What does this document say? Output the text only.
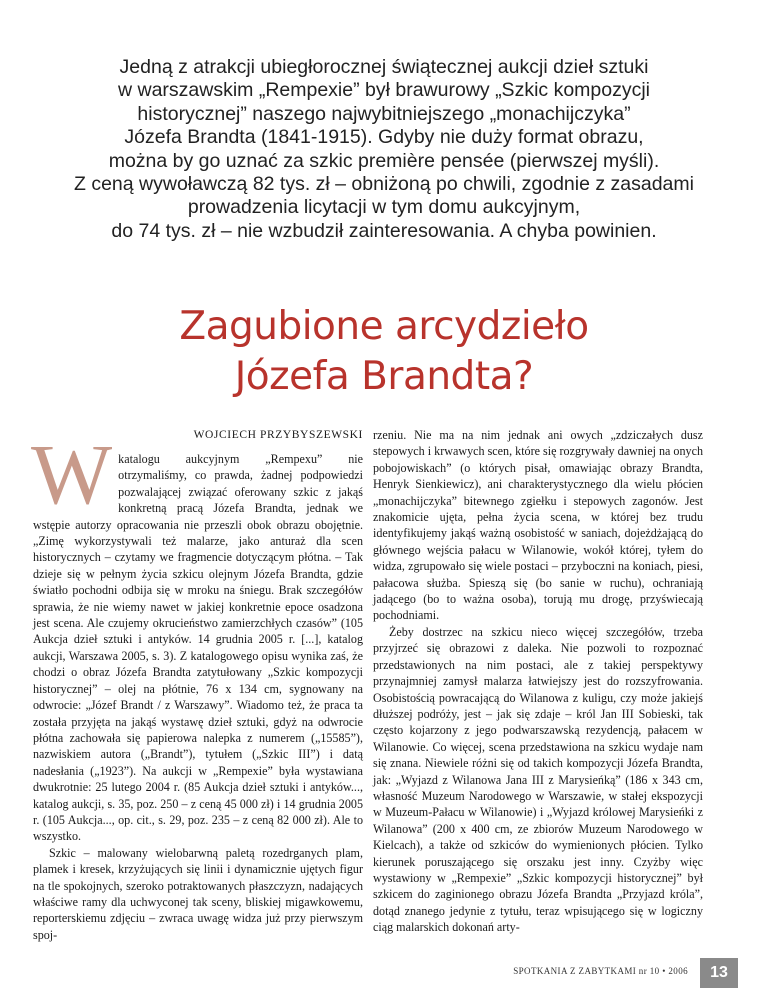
Jedną z atrakcji ubiegłorocznej świątecznej aukcji dzieł sztuki

w warszawskim „Rempexie” był brawurowy „Szkic kompozycji

historycznej” naszego najwybitniejszego „monachijczyka”

Józefa Brandta (1841-1915). Gdyby nie duży format obrazu,

można by go uznać za szkic première pensée (pierwszej myśli).

Z ceną wywoławczą 82 tys. zł – obniżoną po chwili, zgodnie z zasadami

prowadzenia licytacji w tym domu aukcyjnym,

do 74 tys. zł – nie wzbudził zainteresowania. A chyba powinien.

Zagubione arcydzieło
Józefa Brandta?
WOJCIECH PRZYBYSZEWSKI
W katalogu aukcyjnym „Rempexu” nie otrzymaliśmy, co prawda, żadnej podpowiedzi pozwalającej związać oferowany szkic z jakąś konkretną pracą Józefa Brandta, jednak we wstępie autorzy opracowania nie przeszli obok obrazu obojętnie. „Zimę wykorzystywali też malarze, jako anturaż dla scen historycznych – czytamy we fragmencie dotyczącym płótna. – Tak dzieje się w pełnym życia szkicu olejnym Józefa Brandta, gdzie światło pochodni odbija się w mroku na śniegu. Brak szczegółów sprawia, że nie wiemy nawet w jakiej konkretnie epoce osadzona jest scena. Ale czujemy okrucieństwo zamierzchłych czasów” (105 Aukcja dzieł sztuki i antyków. 14 grudnia 2005 r. [...], katalog aukcji, Warszawa 2005, s. 3). Z katalogowego opisu wynika zaś, że chodzi o obraz Józefa Brandta zatytułowany „Szkic kompozycji historycznej” – olej na płótnie, 76 x 134 cm, sygnowany na odwrocie: „Józef Brandt / z Warszawy”. Wiadomo też, że praca ta została przyjęta na jakąś wystawę dzieł sztuki, gdyż na odwrocie płótna zachowała się papierowa nalepka z numerem („15585”), nazwiskiem autora („Brandt”), tytułem („Szkic III”) i datą nadesłania („1923”). Na aukcji w „Rempexie” była wystawiana dwukrotnie: 25 lutego 2004 r. (85 Aukcja dzieł sztuki i antyków..., katalog aukcji, s. 35, poz. 250 – z ceną 45 000 zł) i 14 grudnia 2005 r. (105 Aukcja..., op. cit., s. 29, poz. 235 – z ceną 82 000 zł). Ale to wszystko.

Szkic – malowany wielobarwną paletą rozedrganych plam, plamek i kresek, krzyżujących się linii i dynamicznie ujętych figur na tle spokojnych, szeroko potraktowanych płaszczyzn, nadających właściwe ramy dla uchwyconej tak sceny, bliskiej migawkowemu, reporterskiemu zdjęciu – zwraca uwagę widza już przy pierwszym spoj-

rzeniu. Nie ma na nim jednak ani owych „zdziczałych dusz stepowych i krwawych scen, które się rozgrywały dawniej na onych pobojowiskach” (o których pisał, omawiając obrazy Brandta, Henryk Sienkiewicz), ani charakterystycznego dla wielu płócien „monachijczyka” bitewnego zgiełku i stepowych zagonów. Jest znakomicie ujęta, pełna życia scena, w której bez trudu identyfikujemy jakąś ważną osobistość w saniach, dojeżdżającą do głównego wejścia pałacu w Wilanowie, wokół której, tyłem do widza, zgrupowało się wiele postaci – przyboczni na koniach, piesi, pałacowa służba. Spieszą się (bo sanie w ruchu), ochraniają jadącego (bo to ważna osoba), torują mu drogę, przyświecają pochodniami.

Żeby dostrzec na szkicu nieco więcej szczegółów, trzeba przyjrzeć się obrazowi z daleka. Nie pozwoli to rozpoznać przedstawionych na nim postaci, ale z takiej perspektywy przynajmniej zamysł malarza łatwiejszy jest do rozszyfrowania. Osobistością powracającą do Wilanowa z kuligu, czy może jakiejś dłuższej podróży, jest – jak się zdaje – król Jan III Sobieski, tak często kojarzony z jego podwarszawską rezydencją, pałacem w Wilanowie. Co więcej, scena przedstawiona na szkicu wydaje nam się znana. Niewiele różni się od takich kompozycji Józefa Brandta, jak: „Wyjazd z Wilanowa Jana III z Marysieńką” (186 x 343 cm, własność Muzeum Narodowego w Warszawie, w stałej ekspozycji w Muzeum-Pałacu w Wilanowie) i „Wyjazd królowej Marysieńki z Wilanowa” (200 x 400 cm, ze zbiorów Muzeum Narodowego w Kielcach), a także od szkiców do wymienionych płócien. Tylko kierunek poruszającego się orszaku jest inny. Czyżby więc wystawiony w „Rempexie” „Szkic kompozycji historycznej” był szkicem do zaginionego obrazu Józefa Brandta „Przyjazd króla”, dotąd znanego jedynie z tytułu, teraz wpisującego się w logiczny ciąg malarskich dokonań arty-

SPOTKANIA Z ZABYTKAMI nr 10 • 2006	13
